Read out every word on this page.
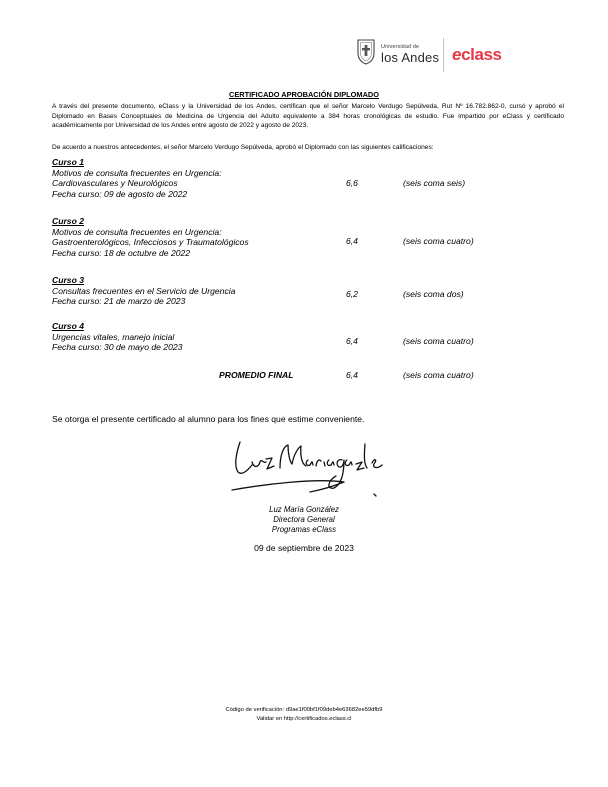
Universidad de
los Andes eclass
CERTIFICADO APROBACIÓN DIPLOMADO
A través del presente documento, eClass y la Universidad de los Andes, certifican que el señor Marcelo Verdugo Sepúlveda, Rut Nº 16.782.862-0, cursó y aprobó el Diplomado en Bases Conceptuales de Medicina de Urgencia del Adulto equivalente a 384 horas cronológicas de estudio. Fue impartido por eClass y certificado académicamente por Universidad de los Andes entre agosto de 2022 y agosto de 2023.
De acuerdo a nuestros antecedentes, el señor Marcelo Verdugo Sepúlveda, aprobó el Diplomado con las siguientes calificaciones:
Curso 1
Motivos de consulta frecuentes en Urgencia:
Cardiovasculares y Neurológicos
Fecha curso: 09 de agosto de 2022
6,6	(seis coma seis)
Curso 2
Motivos de consulta frecuentes en Urgencia:
Gastroenterológicos, Infecciosos y Traumatológicos
Fecha curso: 18 de octubre de 2022
6,4	(seis coma cuatro)
Curso 3
Consultas frecuentes en el Servicio de Urgencia
Fecha curso: 21 de marzo de 2023
6,2	(seis coma dos)
Curso 4
Urgencias vitales, manejo inicial
Fecha curso: 30 de mayo de 2023
6,4	(seis coma cuatro)
PROMEDIO FINAL	6,4	(seis coma cuatro)
Se otorga el presente certificado al alumno para los fines que estime conveniente.
Luz María González
Directora General
Programas eClass
09 de septiembre de 2023
Código de verificación: d9ae1f00bf1f09deb4e63682ee59dfb9
Validar en http://certificados.eclass.cl
